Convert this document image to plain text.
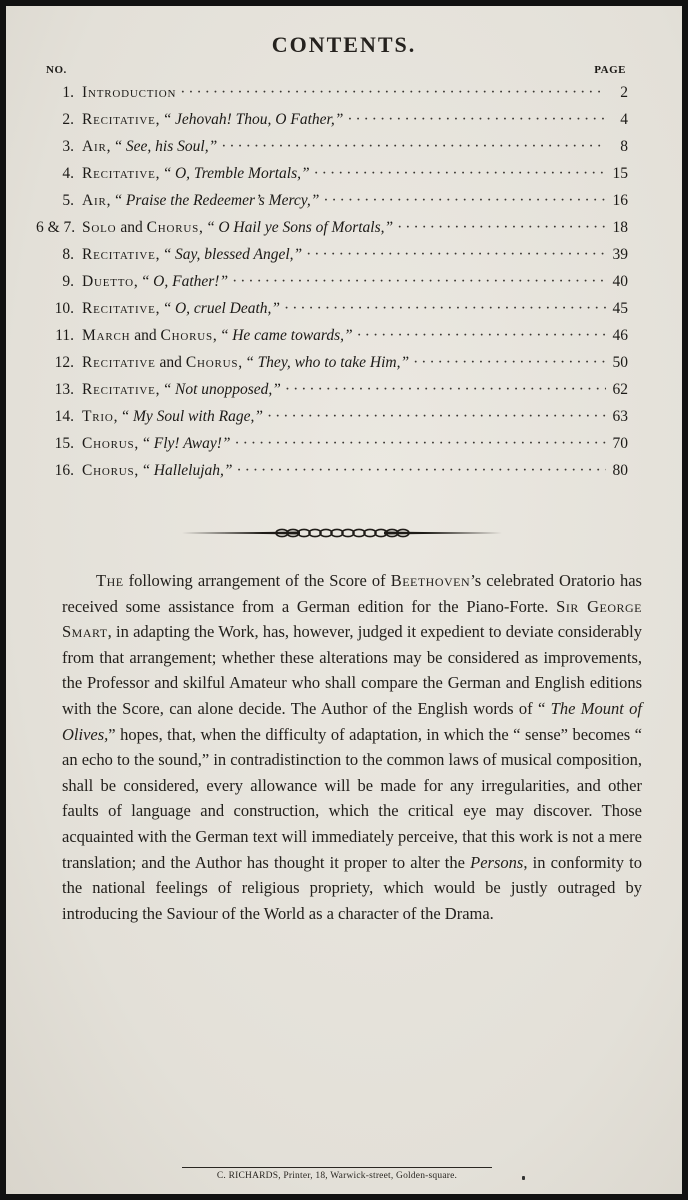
CONTENTS.
NO.	PAGE
1. Introduction ·····	2
2. Recitative, “ Jehovah! Thou, O Father,” ·····	4
3. Air, “ See, his Soul,” ·····	8
4. Recitative, “ O, Tremble Mortals,” ·····	15
5. Air, “ Praise the Redeemer’s Mercy,” ·····	16
6 & 7. Solo and Chorus, “ O Hail ye Sons of Mortals,” ·····	18
8. Recitative, “ Say, blessed Angel,” ·····	39
9. Duetto, “ O, Father!” ·····	40
10. Recitative, “ O, cruel Death,” ·····	45
11. March and Chorus, “ He came towards,” ·····	46
12. Recitative and Chorus, “ They, who to take Him,” ·····	50
13. Recitative, “ Not unopposed,” ·····	62
14. Trio, “ My Soul with Rage,” ·····	63
15. Chorus, “ Fly! Away!” ·····	70
16. Chorus, “ Hallelujah,” ·····	80

The following arrangement of the Score of Beethoven’s celebrated Oratorio has received some assistance from a German edition for the Piano-Forte. Sir George Smart, in adapting the Work, has, however, judged it expedient to deviate considerably from that arrangement; whether these alterations may be considered as improvements, the Professor and skilful Amateur who shall compare the German and English editions with the Score, can alone decide. The Author of the English words of “ The Mount of Olives,” hopes, that, when the difficulty of adaptation, in which the “ sense” becomes “ an echo to the sound,” in contradistinction to the common laws of musical composition, shall be considered, every allowance will be made for any irregularities, and other faults of language and construction, which the critical eye may discover. Those acquainted with the German text will immediately perceive, that this work is not a mere translation; and the Author has thought it proper to alter the Persons, in conformity to the national feelings of religious propriety, which would be justly outraged by introducing the Saviour of the World as a character of the Drama.

C. RICHARDS, Printer, 18, Warwick-street, Golden-square.
